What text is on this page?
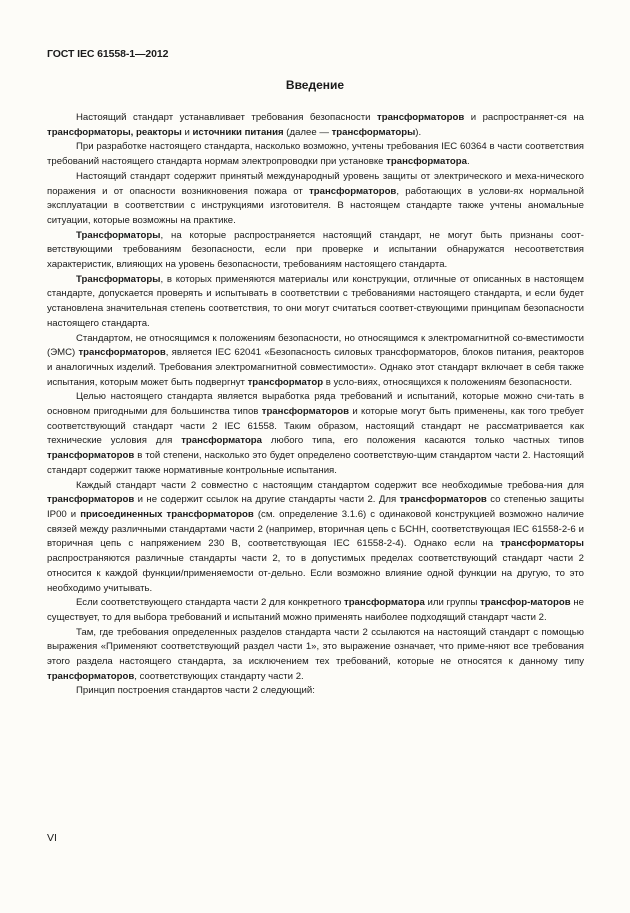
ГОСТ IEC 61558-1—2012
Введение

Настоящий стандарт устанавливает требования безопасности трансформаторов и распространяет-ся на трансформаторы, реакторы и источники питания (далее — трансформаторы).

При разработке настоящего стандарта, насколько возможно, учтены требования IEC 60364 в части соответствия требований настоящего стандарта нормам электропроводки при установке трансформатора.

Настоящий стандарт содержит принятый международный уровень защиты от электрического и меха-нического поражения и от опасности возникновения пожара от трансформаторов, работающих в услови-ях нормальной эксплуатации в соответствии с инструкциями изготовителя. В настоящем стандарте также учтены аномальные ситуации, которые возможны на практике.

Трансформаторы, на которые распространяется настоящий стандарт, не могут быть признаны соот-ветствующими требованиям безопасности, если при проверке и испытании обнаружатся несоответствия характеристик, влияющих на уровень безопасности, требованиям настоящего стандарта.

Трансформаторы, в которых применяются материалы или конструкции, отличные от описанных в настоящем стандарте, допускается проверять и испытывать в соответствии с требованиями настоящего стандарта, и если будет установлена значительная степень соответствия, то они могут считаться соответ-ствующими принципам безопасности настоящего стандарта.

Стандартом, не относящимся к положениям безопасности, но относящимся к электромагнитной со-вместимости (ЭМС) трансформаторов, является IEC 62041 «Безопасность силовых трансформаторов, блоков питания, реакторов и аналогичных изделий. Требования электромагнитной совместимости». Однако этот стандарт включает в себя также испытания, которым может быть подвергнут трансформатор в усло-виях, относящихся к положениям безопасности.

Целью настоящего стандарта является выработка ряда требований и испытаний, которые можно счи-тать в основном пригодными для большинства типов трансформаторов и которые могут быть применены, как того требует соответствующий стандарт части 2 IEC 61558. Таким образом, настоящий стандарт не рассматривается как технические условия для трансформатора любого типа, его положения касаются только частных типов трансформаторов в той степени, насколько это будет определено соответствую-щим стандартом части 2. Настоящий стандарт содержит также нормативные контрольные испытания.

Каждый стандарт части 2 совместно с настоящим стандартом содержит все необходимые требова-ния для трансформаторов и не содержит ссылок на другие стандарты части 2. Для трансформаторов со степенью защиты IP00 и присоединенных трансформаторов (см. определение 3.1.6) с одинаковой конструкцией возможно наличие связей между различными стандартами части 2 (например, вторичная цепь с БСНН, соответствующая IEC 61558-2-6 и вторичная цепь с напряжением 230 В, соответствующая IEC 61558-2-4). Однако если на трансформаторы распространяются различные стандарты части 2, то в допустимых пределах соответствующий стандарт части 2 относится к каждой функции/применяемости от-дельно. Если возможно влияние одной функции на другую, то это необходимо учитывать.

Если соответствующего стандарта части 2 для конкретного трансформатора или группы трансфор-маторов не существует, то для выбора требований и испытаний можно применять наиболее подходящий стандарт части 2.

Там, где требования определенных разделов стандарта части 2 ссылаются на настоящий стандарт с помощью выражения «Применяют соответствующий раздел части 1», это выражение означает, что приме-няют все требования этого раздела настоящего стандарта, за исключением тех требований, которые не относятся к данному типу трансформаторов, соответствующих стандарту части 2.

Принцип построения стандартов части 2 следующий:

VI
